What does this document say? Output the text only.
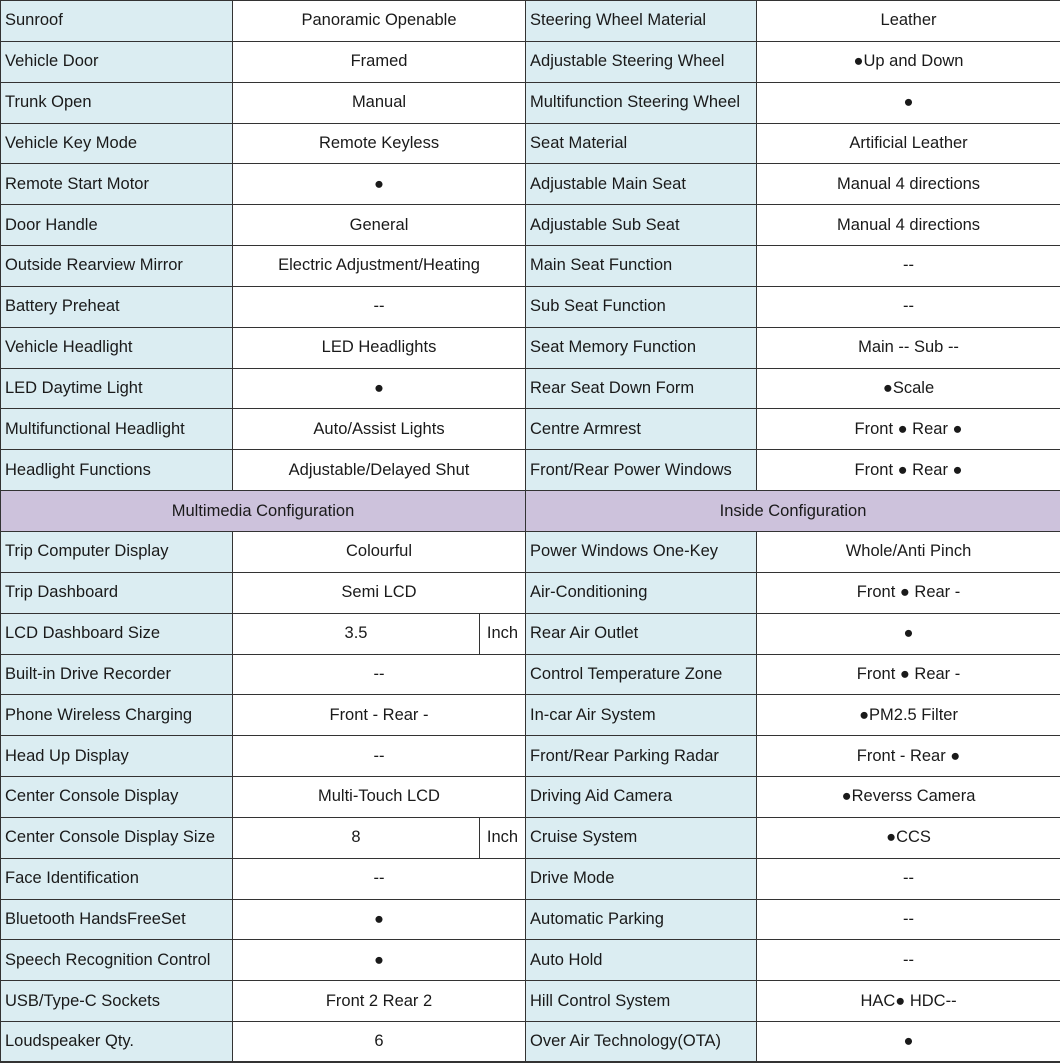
Sunroof	Panoramic Openable		Steering Wheel Material	Leather
Vehicle Door	Framed		Adjustable Steering Wheel	●Up and Down
Trunk Open	Manual		Multifunction Steering Wheel	●
Vehicle Key Mode	Remote Keyless		Seat Material	Artificial Leather
Remote Start Motor	●		Adjustable Main Seat	Manual 4 directions
Door Handle	General		Adjustable Sub Seat	Manual 4 directions
Outside Rearview Mirror	Electric Adjustment/Heating		Main Seat Function	--
Battery Preheat	--		Sub Seat Function	--
Vehicle Headlight	LED Headlights		Seat Memory Function	Main -- Sub --
LED Daytime Light	●		Rear Seat Down Form	●Scale
Multifunctional Headlight	Auto/Assist Lights		Centre Armrest	Front ● Rear ●
Headlight Functions	Adjustable/Delayed Shut		Front/Rear Power Windows	Front ● Rear ●
Multimedia Configuration			Inside Configuration	
Trip Computer Display	Colourful		Power Windows One-Key	Whole/Anti Pinch
Trip Dashboard	Semi LCD		Air-Conditioning	Front ● Rear -
LCD Dashboard Size	3.5	Inch	Rear Air Outlet	●
Built-in Drive Recorder	--		Control Temperature Zone	Front ● Rear -
Phone Wireless Charging	Front - Rear -		In-car Air System	●PM2.5 Filter
Head Up Display	--		Front/Rear Parking Radar	Front - Rear ●
Center Console Display	Multi-Touch LCD		Driving Aid Camera	●Reverss Camera
Center Console Display Size	8	Inch	Cruise System	●CCS
Face Identification	--		Drive Mode	--
Bluetooth HandsFreeSet	●		Automatic Parking	--
Speech Recognition Control	●		Auto Hold	--
USB/Type-C Sockets	Front 2 Rear 2		Hill Control System	HAC● HDC--
Loudspeaker Qty.	6		Over Air Technology(OTA)	●
